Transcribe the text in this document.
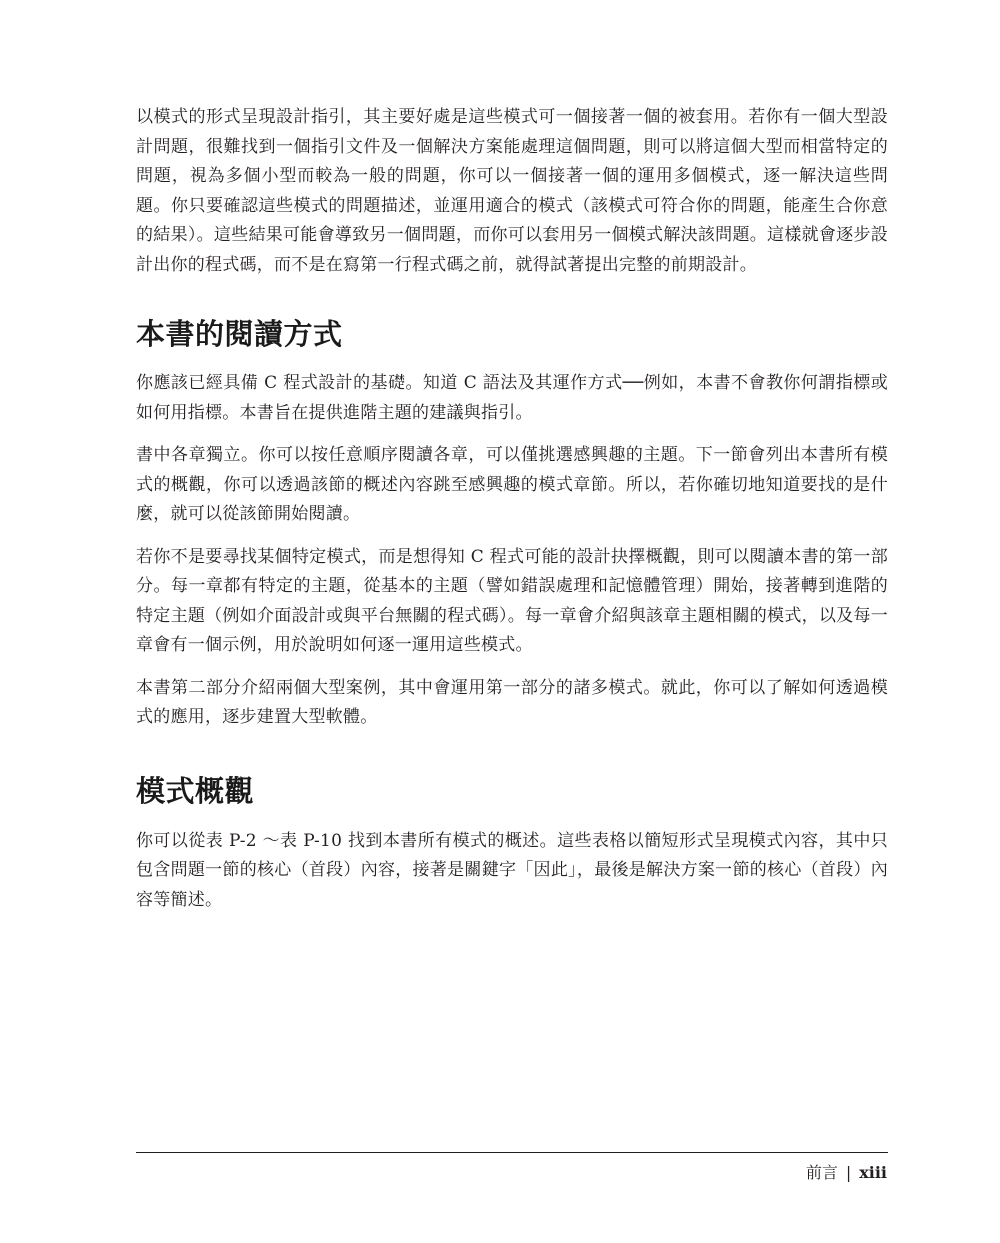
以模式的形式呈現設計指引，其主要好處是這些模式可一個接著一個的被套用。若你有一個大型設計問題，很難找到一個指引文件及一個解決方案能處理這個問題，則可以將這個大型而相當特定的問題，視為多個小型而較為一般的問題，你可以一個接著一個的運用多個模式，逐一解決這些問題。你只要確認這些模式的問題描述，並運用適合的模式（該模式可符合你的問題，能產生合你意的結果）。這些結果可能會導致另一個問題，而你可以套用另一個模式解決該問題。這樣就會逐步設計出你的程式碼，而不是在寫第一行程式碼之前，就得試著提出完整的前期設計。

本書的閱讀方式

你應該已經具備 C 程式設計的基礎。知道 C 語法及其運作方式──例如，本書不會教你何謂指標或如何用指標。本書旨在提供進階主題的建議與指引。

書中各章獨立。你可以按任意順序閱讀各章，可以僅挑選感興趣的主題。下一節會列出本書所有模式的概觀，你可以透過該節的概述內容跳至感興趣的模式章節。所以，若你確切地知道要找的是什麼，就可以從該節開始閱讀。

若你不是要尋找某個特定模式，而是想得知 C 程式可能的設計抉擇概觀，則可以閱讀本書的第一部分。每一章都有特定的主題，從基本的主題（譬如錯誤處理和記憶體管理）開始，接著轉到進階的特定主題（例如介面設計或與平台無關的程式碼）。每一章會介紹與該章主題相關的模式，以及每一章會有一個示例，用於說明如何逐一運用這些模式。

本書第二部分介紹兩個大型案例，其中會運用第一部分的諸多模式。就此，你可以了解如何透過模式的應用，逐步建置大型軟體。

模式概觀

你可以從表 P-2 ～表 P-10 找到本書所有模式的概述。這些表格以簡短形式呈現模式內容，其中只包含問題一節的核心（首段）內容，接著是關鍵字「因此」，最後是解決方案一節的核心（首段）內容等簡述。

前言 | xiii
